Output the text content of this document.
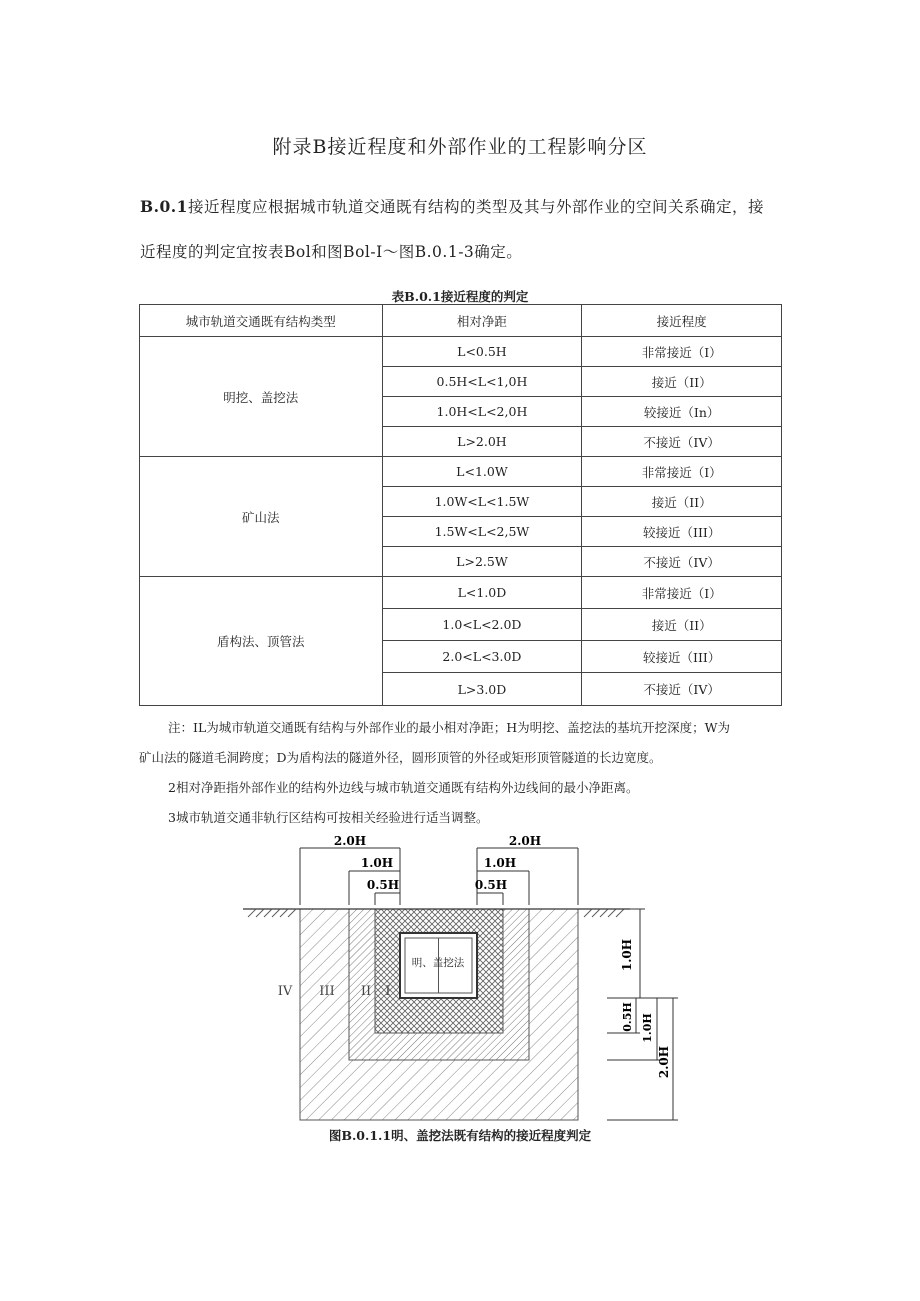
附录B接近程度和外部作业的工程影响分区
B.0.1接近程度应根据城市轨道交通既有结构的类型及其与外部作业的空间关系确定，接
近程度的判定宜按表Bol和图Bol-I～图B.0.1-3确定。
表B.0.1接近程度的判定
城市轨道交通既有结构类型	相对净距	接近程度
明挖、盖挖法	L<0.5H	非常接近（I）
	0.5H<L<1,0H	接近（II）
	1.0H<L<2,0H	较接近（In）
	L>2.0H	不接近（IV）
矿山法	L<1.0W	非常接近（I）
	1.0W<L<1.5W	接近（II）
	1.5W<L<2,5W	较接近（III）
	L>2.5W	不接近（IV）
盾构法、顶管法	L<1.0D	非常接近（I）
	1.0<L<2.0D	接近（II）
	2.0<L<3.0D	较接近（III）
	L>3.0D	不接近（IV）
注：IL为城市轨道交通既有结构与外部作业的最小相对净距；H为明挖、盖挖法的基坑开挖深度；W为
矿山法的隧道毛洞跨度；D为盾构法的隧道外径，圆形顶管的外径或矩形顶管隧道的长边宽度。
2相对净距指外部作业的结构外边线与城市轨道交通既有结构外边线间的最小净距离。
3城市轨道交通非轨行区结构可按相关经验进行适当调整。
明、盖挖法
IV III II I
2.0H
1.0H
0.5H
2.0H
1.0H
0.5H
1.0H
0.5H 1.0H
2.0H
图B.0.1.1明、盖挖法既有结构的接近程度判定
